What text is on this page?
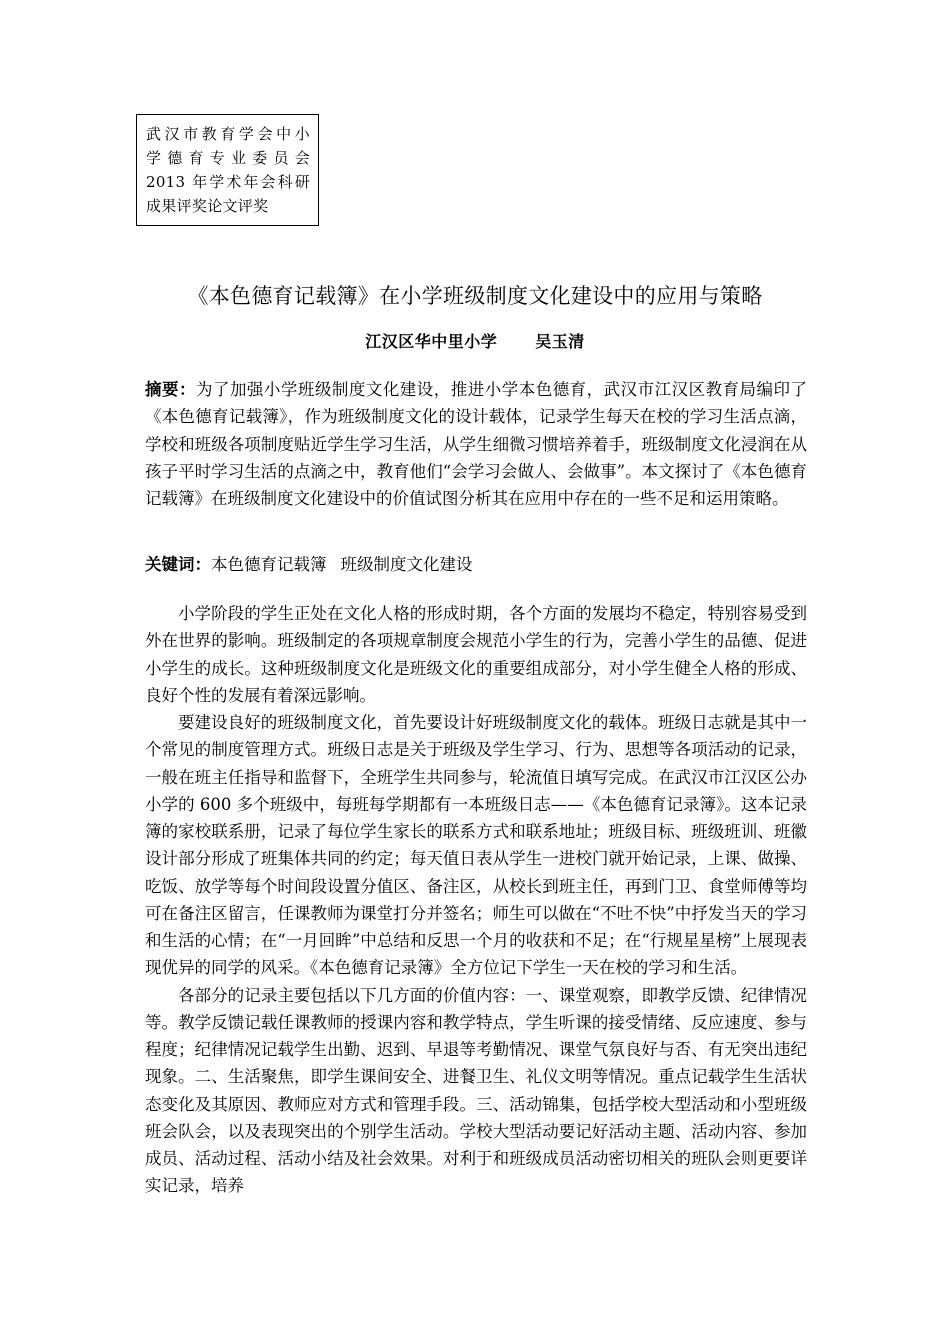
武汉市教育学会中小
学德育专业委员会
2013 年学术年会科研
成果评奖论文评奖
《本色德育记载簿》在小学班级制度文化建设中的应用与策略
江汉区华中里小学 吴玉清
摘要：为了加强小学班级制度文化建设，推进小学本色德育，武汉市江汉区教育局编印了《本色德育记载簿》，作为班级制度文化的设计载体，记录学生每天在校的学习生活点滴，学校和班级各项制度贴近学生学习生活，从学生细微习惯培养着手，班级制度文化浸润在从孩子平时学习生活的点滴之中，教育他们“会学习会做人、会做事”。本文探讨了《本色德育记载簿》在班级制度文化建设中的价值试图分析其在应用中存在的一些不足和运用策略。
关键词：本色德育记载簿 班级制度文化建设

小学阶段的学生正处在文化人格的形成时期，各个方面的发展均不稳定，特别容易受到外在世界的影响。班级制定的各项规章制度会规范小学生的行为，完善小学生的品德、促进小学生的成长。这种班级制度文化是班级文化的重要组成部分，对小学生健全人格的形成、良好个性的发展有着深远影响。

要建设良好的班级制度文化，首先要设计好班级制度文化的载体。班级日志就是其中一个常见的制度管理方式。班级日志是关于班级及学生学习、行为、思想等各项活动的记录，一般在班主任指导和监督下，全班学生共同参与，轮流值日填写完成。在武汉市江汉区公办小学的 600 多个班级中，每班每学期都有一本班级日志——《本色德育记录簿》。这本记录簿的家校联系册，记录了每位学生家长的联系方式和联系地址；班级目标、班级班训、班徽设计部分形成了班集体共同的约定；每天值日表从学生一进校门就开始记录，上课、做操、吃饭、放学等每个时间段设置分值区、备注区，从校长到班主任，再到门卫、食堂师傅等均可在备注区留言，任课教师为课堂打分并签名；师生可以做在“不吐不快”中抒发当天的学习和生活的心情；在“一月回眸”中总结和反思一个月的收获和不足；在“行规星星榜”上展现表现优异的同学的风采。《本色德育记录簿》全方位记下学生一天在校的学习和生活。

各部分的记录主要包括以下几方面的价值内容：一、课堂观察，即教学反馈、纪律情况等。教学反馈记载任课教师的授课内容和教学特点，学生听课的接受情绪、反应速度、参与程度；纪律情况记载学生出勤、迟到、早退等考勤情况、课堂气氛良好与否、有无突出违纪现象。二、生活聚焦，即学生课间安全、进餐卫生、礼仪文明等情况。重点记载学生生活状态变化及其原因、教师应对方式和管理手段。三、活动锦集，包括学校大型活动和小型班级班会队会，以及表现突出的个别学生活动。学校大型活动要记好活动主题、活动内容、参加成员、活动过程、活动小结及社会效果。对利于和班级成员活动密切相关的班队会则更要详实记录，培养
